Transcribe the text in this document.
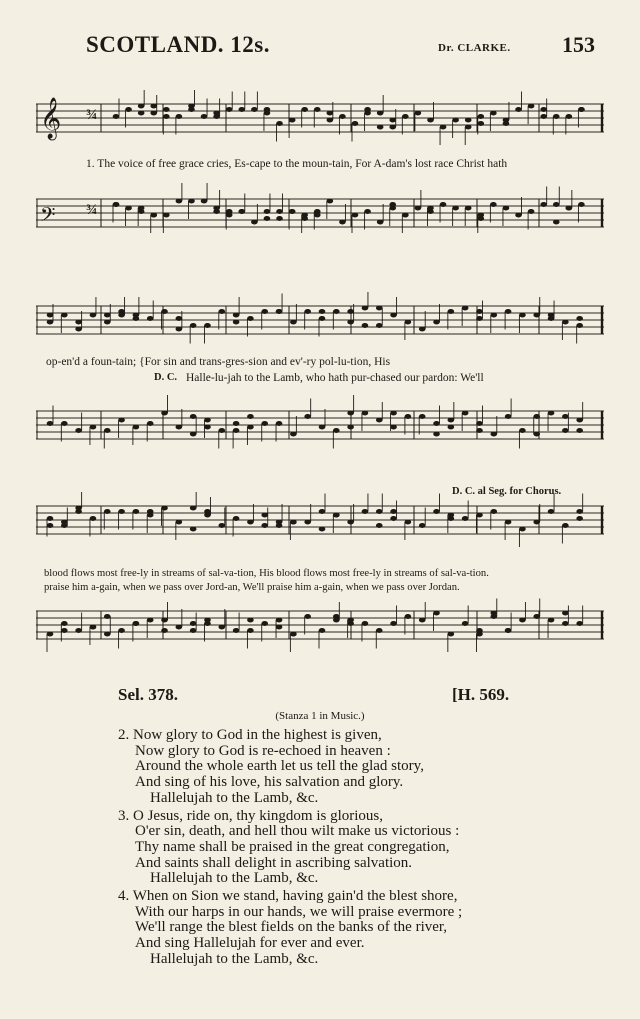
SCOTLAND. 12s.	Dr. CLARKE. 153
𝄞 ¾
𝄢 ¾
1. The voice of free grace cries, Es-cape to the moun-tain, For A-dam's lost race Christ hath
op-en'd a foun-tain; {For sin and trans-gres-sion and ev'-ry pol-lu-tion, His
D. C. Halle-lu-jah to the Lamb, who hath pur-chased our pardon: We'll
D. C. al Seg. for Chorus.
blood flows most free-ly in streams of sal-va-tion, His blood flows most free-ly in streams of sal-va-tion.
praise him a-gain, when we pass over Jord-an, We'll praise him a-gain, when we pass over Jordan.
Sel. 378.	[H. 569.
(Stanza 1 in Music.)
2. Now glory to God in the highest is given,
Now glory to God is re-echoed in heaven :
Around the whole earth let us tell the glad story,
And sing of his love, his salvation and glory.
Hallelujah to the Lamb, &c.
3. O Jesus, ride on, thy kingdom is glorious,
O'er sin, death, and hell thou wilt make us victorious :
Thy name shall be praised in the great congregation,
And saints shall delight in ascribing salvation.
Hallelujah to the Lamb, &c.
4. When on Sion we stand, having gain'd the blest shore,
With our harps in our hands, we will praise evermore ;
We'll range the blest fields on the banks of the river,
And sing Hallelujah for ever and ever.
Hallelujah to the Lamb, &c.
